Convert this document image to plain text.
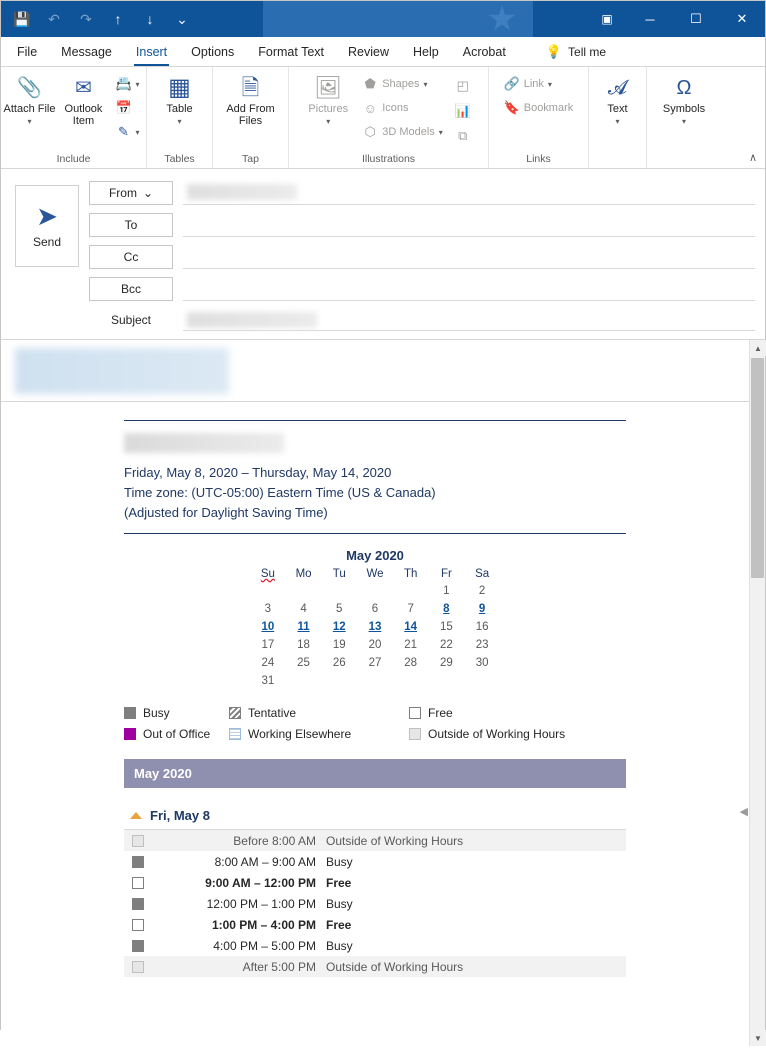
💾	↶	↷	↑	↓	⌄	▣	─	☐	✕
File	Message	Insert	Options	Format Text	Review	Help	Acrobat	💡 Tell me
📎
Attach File
▾
✉
Outlook Item
📇 ▾
📅
✎ ▾
Include
▦
Table
▾
Tables
🗎
Add From Files
Tap
🖼
Pictures
▾
⬟ Shapes ▾
☺ Icons
⬡ 3D Models ▾
◰
📊
⧉
Illustrations
🔗 Link ▾
🔖 Bookmark
Links
𝓐
Text
▾
Ω
Symbols
▾
∧
➤
Send
From ⌄
To
Cc
Bcc
Subject
Friday, May 8, 2020 – Thursday, May 14, 2020
Time zone: (UTC-05:00) Eastern Time (US & Canada)
(Adjusted for Daylight Saving Time)
May 2020
Su	Mo	Tu	We	Th	Fr	Sa
					1	2
3	4	5	6	7	8	9
10	11	12	13	14	15	16
17	18	19	20	21	22	23
24	25	26	27	28	29	30
31						
Busy	Tentative	Free
Out of Office	Working Elsewhere	Outside of Working Hours
May 2020
Fri, May 8
Before 8:00 AM Outside of Working Hours
8:00 AM – 9:00 AM Busy
9:00 AM – 12:00 PM Free
12:00 PM – 1:00 PM Busy
1:00 PM – 4:00 PM Free
4:00 PM – 5:00 PM Busy
After 5:00 PM Outside of Working Hours
▲
▼
◀
